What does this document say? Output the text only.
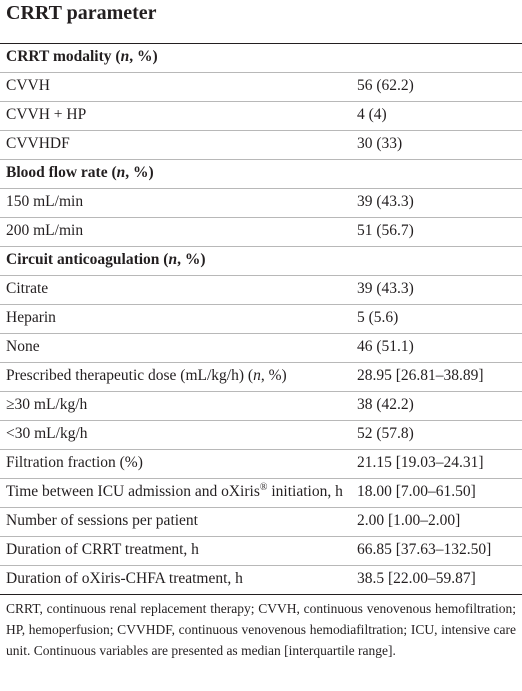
CRRT parameter
CRRT modality (n, %)
CVVH	56 (62.2)
CVVH + HP	4 (4)
CVVHDF	30 (33)
Blood flow rate (n, %)
150 mL/min	39 (43.3)
200 mL/min	51 (56.7)
Circuit anticoagulation (n, %)
Citrate	39 (43.3)
Heparin	5 (5.6)
None	46 (51.1)
Prescribed therapeutic dose (mL/kg/h) (n, %)	28.95 [26.81–38.89]
≥30 mL/kg/h	38 (42.2)
<30 mL/kg/h	52 (57.8)
Filtration fraction (%)	21.15 [19.03–24.31]
Time between ICU admission and oXiris® initiation, h 18.00 [7.00–61.50]
Number of sessions per patient	2.00 [1.00–2.00]
Duration of CRRT treatment, h	66.85 [37.63–132.50]
Duration of oXiris-CHFA treatment, h	38.5 [22.00–59.87]
CRRT, continuous renal replacement therapy; CVVH, continuous venovenous hemofiltration; HP, hemoperfusion; CVVHDF, continuous venovenous hemodiafiltration; ICU, intensive care unit. Continuous variables are presented as median [interquartile range].
